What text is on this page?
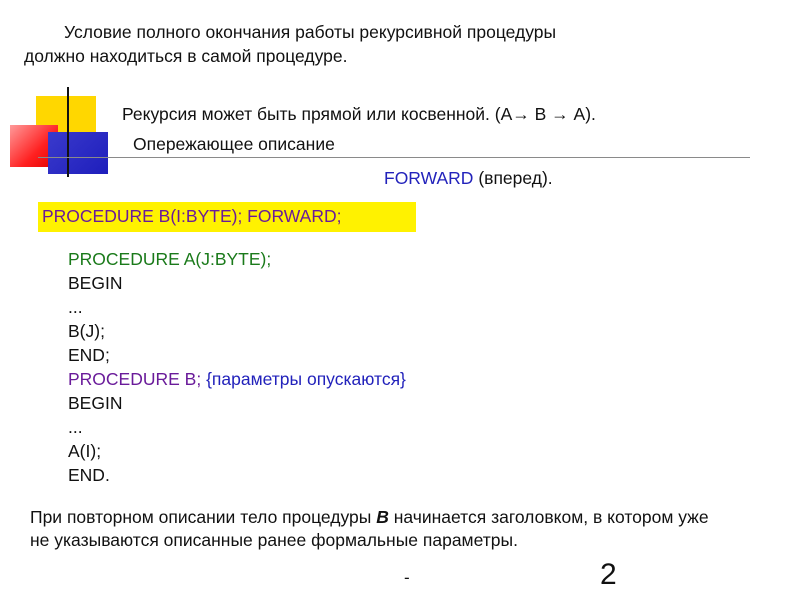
Условие полного окончания работы рекурсивной процедуры
должно находиться в самой процедуре.
Рекурсия может быть прямой или косвенной. (А→ В → А).
Опережающее описание
FORWARD (вперед).
PROCEDURE B(I:BYTE); FORWARD;
PROCEDURE A(J:BYTE);
BEGIN
...
B(J);
END;
PROCEDURE B; {параметры опускаются}
BEGIN
...
A(I);
END.
При повторном описании тело процедуры B начинается заголовком, в котором уже не указываются описанные ранее формальные параметры.
-	2
